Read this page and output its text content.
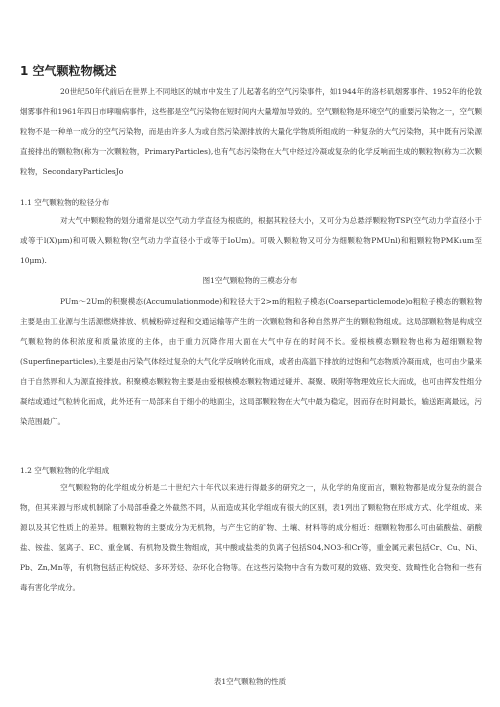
1 空气颗粒物概述
20世纪50年代前后在世界上不同地区的城市中发生了儿起著名的空气污染事件，如1944年的洛杉矶烟雾事件、1952年的伦敦烟雾事件和1961年四日市哮喘病事件，这些都是空气污染物在短时间内大量增加导致的。空气颗粒物是环境空气的重要污染物之一，空气颗粒物不是一种单一成分的空气污染物，而是由许多人为或自然污染源排放的大量化学物质所组成的一种复杂的大气污染物，其中既有污染源直接排出的颗粒物(称为一次颗粒物，PrimaryParticles),也有气态污染物在大气中经过冷凝或复杂的化学反响而生成的颗粒物(称为二次颗粒物，SecondaryParticlesJo
1.1 空气颗粒物的粒径分布
对大气中颗粒物的划分通常是以空气动力学直径为根底的，根据其粒径大小，又可分为总悬浮颗粒物TSP(空气动力学直径小于或等于l(X)μm)和可吸入颗粒物(空气动力学直径小于或等于IoUm)。可吸入颗粒物又可分为细颗粒物PMUnl)和粗颗粒物PMK₁um至10μm).
图1空气颗粒物的三模态分布
PUm～2Um的积聚模态(Accumulationmode)和粒径大于2>m的粗粒子模态(Coarseparticlemode)o粗粒子模态的颗粒物主要是由工业源与生活源燃烧排放、机械粉碎过程和交通运输等产生的一次颗粒物和各种自然界产生的颗粒物组成。这局部颗粒物是构成空气颗粒物的体积浓度和质量浓度的主体，由于重力沉降作用大面在大气中存在的时间不长。爱根核模态颗粒物也称为超细颗粒物(Superfineparticles),主要是由污染气体经过复杂的大气化学反响转化而成，或者由高温下排放的过饱和气态物质冷凝而成，也可由少量来自于自然界和人为源直接排放。积聚模态颗粒物主要是由爱根核模态颗粒物通过碰并、凝聚、吸附等物理效应长大而成，也可由挥发性组分凝结或通过气粒转化而成，此外还有一局部来自于细小的地面尘，这局部颗粒物在大气中最为稳定，因而存在时间最长，输送距离最远，污染范围最广。
1.2 空气颗粒物的化学组成
空气颗粒物的化学组成分析是二十世纪六十年代以来进行得最多的研究之一，从化学的角度而言，颗粒物都是成分复杂的混合物，但其来源与形成机制除了小局部垂叠之外截然不同，从而造成其化学组成有很大的区别，表1列出了颗粒物在形成方式、化学组成、来源以及其它性质上的差异。粗颗粒物的主要成分为无机物，与产生它的矿物、土壤、材料等的成分相近：细颗粒物那么可由硫酸盐、硝酸盐、铵盐、氢离子、EC、重金属、有机物及微生物组成，其中酸或盐类的负离子包括S04,NO3-和Cr等，重金属元素包括Cr、Cu、Ni、Pb、Zn,Mn等，有机物包括正构烷烃、多环芳烃、杂环化合物等。在这些污染物中含有为数可观的致癌、致突变、致畸性化合物和一些有毒有害化学成分。
表1空气颗粒物的性质
